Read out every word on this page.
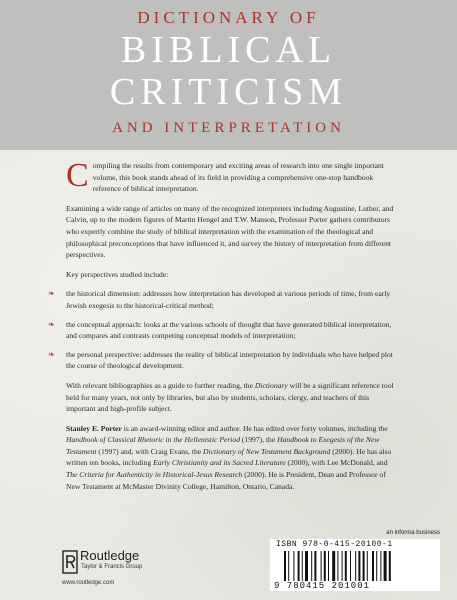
DICTIONARY OF
BIBLICAL
CRITICISM
AND INTERPRETATION

Compiling the results from contemporary and exciting areas of research into one single important volume, this book stands ahead of its field in providing a comprehensive one-stop handbook reference of biblical interpretation.

Examining a wide range of articles on many of the recognized interpreters including Augustine, Luther, and Calvin, up to the modern figures of Martin Hengel and T.W. Manson, Professor Porter gathers contributors who expertly combine the study of biblical interpretation with the examination of the theological and philosophical preconceptions that have influenced it, and survey the history of interpretation from different perspectives.

Key perspectives studied include:

❧ the historical dimension: addresses how interpretation has developed at various periods of time, from early Jewish exegesis to the historical-critical method;
❧ the conceptual approach: looks at the various schools of thought that have generated biblical interpretation, and compares and contrasts competing conceptual models of interpretation;
❧ the personal perspective: addresses the reality of biblical interpretation by individuals who have helped plot the course of theological development.

With relevant bibliographies as a guide to further reading, the Dictionary will be a significant reference tool held for many years, not only by libraries, but also by students, scholars, clergy, and teachers of this important and high-profile subject.

Stanley E. Porter is an award-winning editor and author. He has edited over forty volumes, including the Handbook of Classical Rhetoric in the Hellenistic Period (1997), the Handbook to Exegesis of the New Testament (1997) and, with Craig Evans, the Dictionary of New Testament Background (2000). He has also written ten books, including Early Christianity and its Sacred Literature (2000), with Lee McDonald, and The Criteria for Authenticity in Historical-Jesus Research (2000). He is President, Dean and Professor of New Testament at McMaster Divinity College, Hamilton, Ontario, Canada.

Routledge
Taylor & Francis Group
www.routledge.com
an informa business
ISBN 978-0-415-20100-1
9 780415 201001
